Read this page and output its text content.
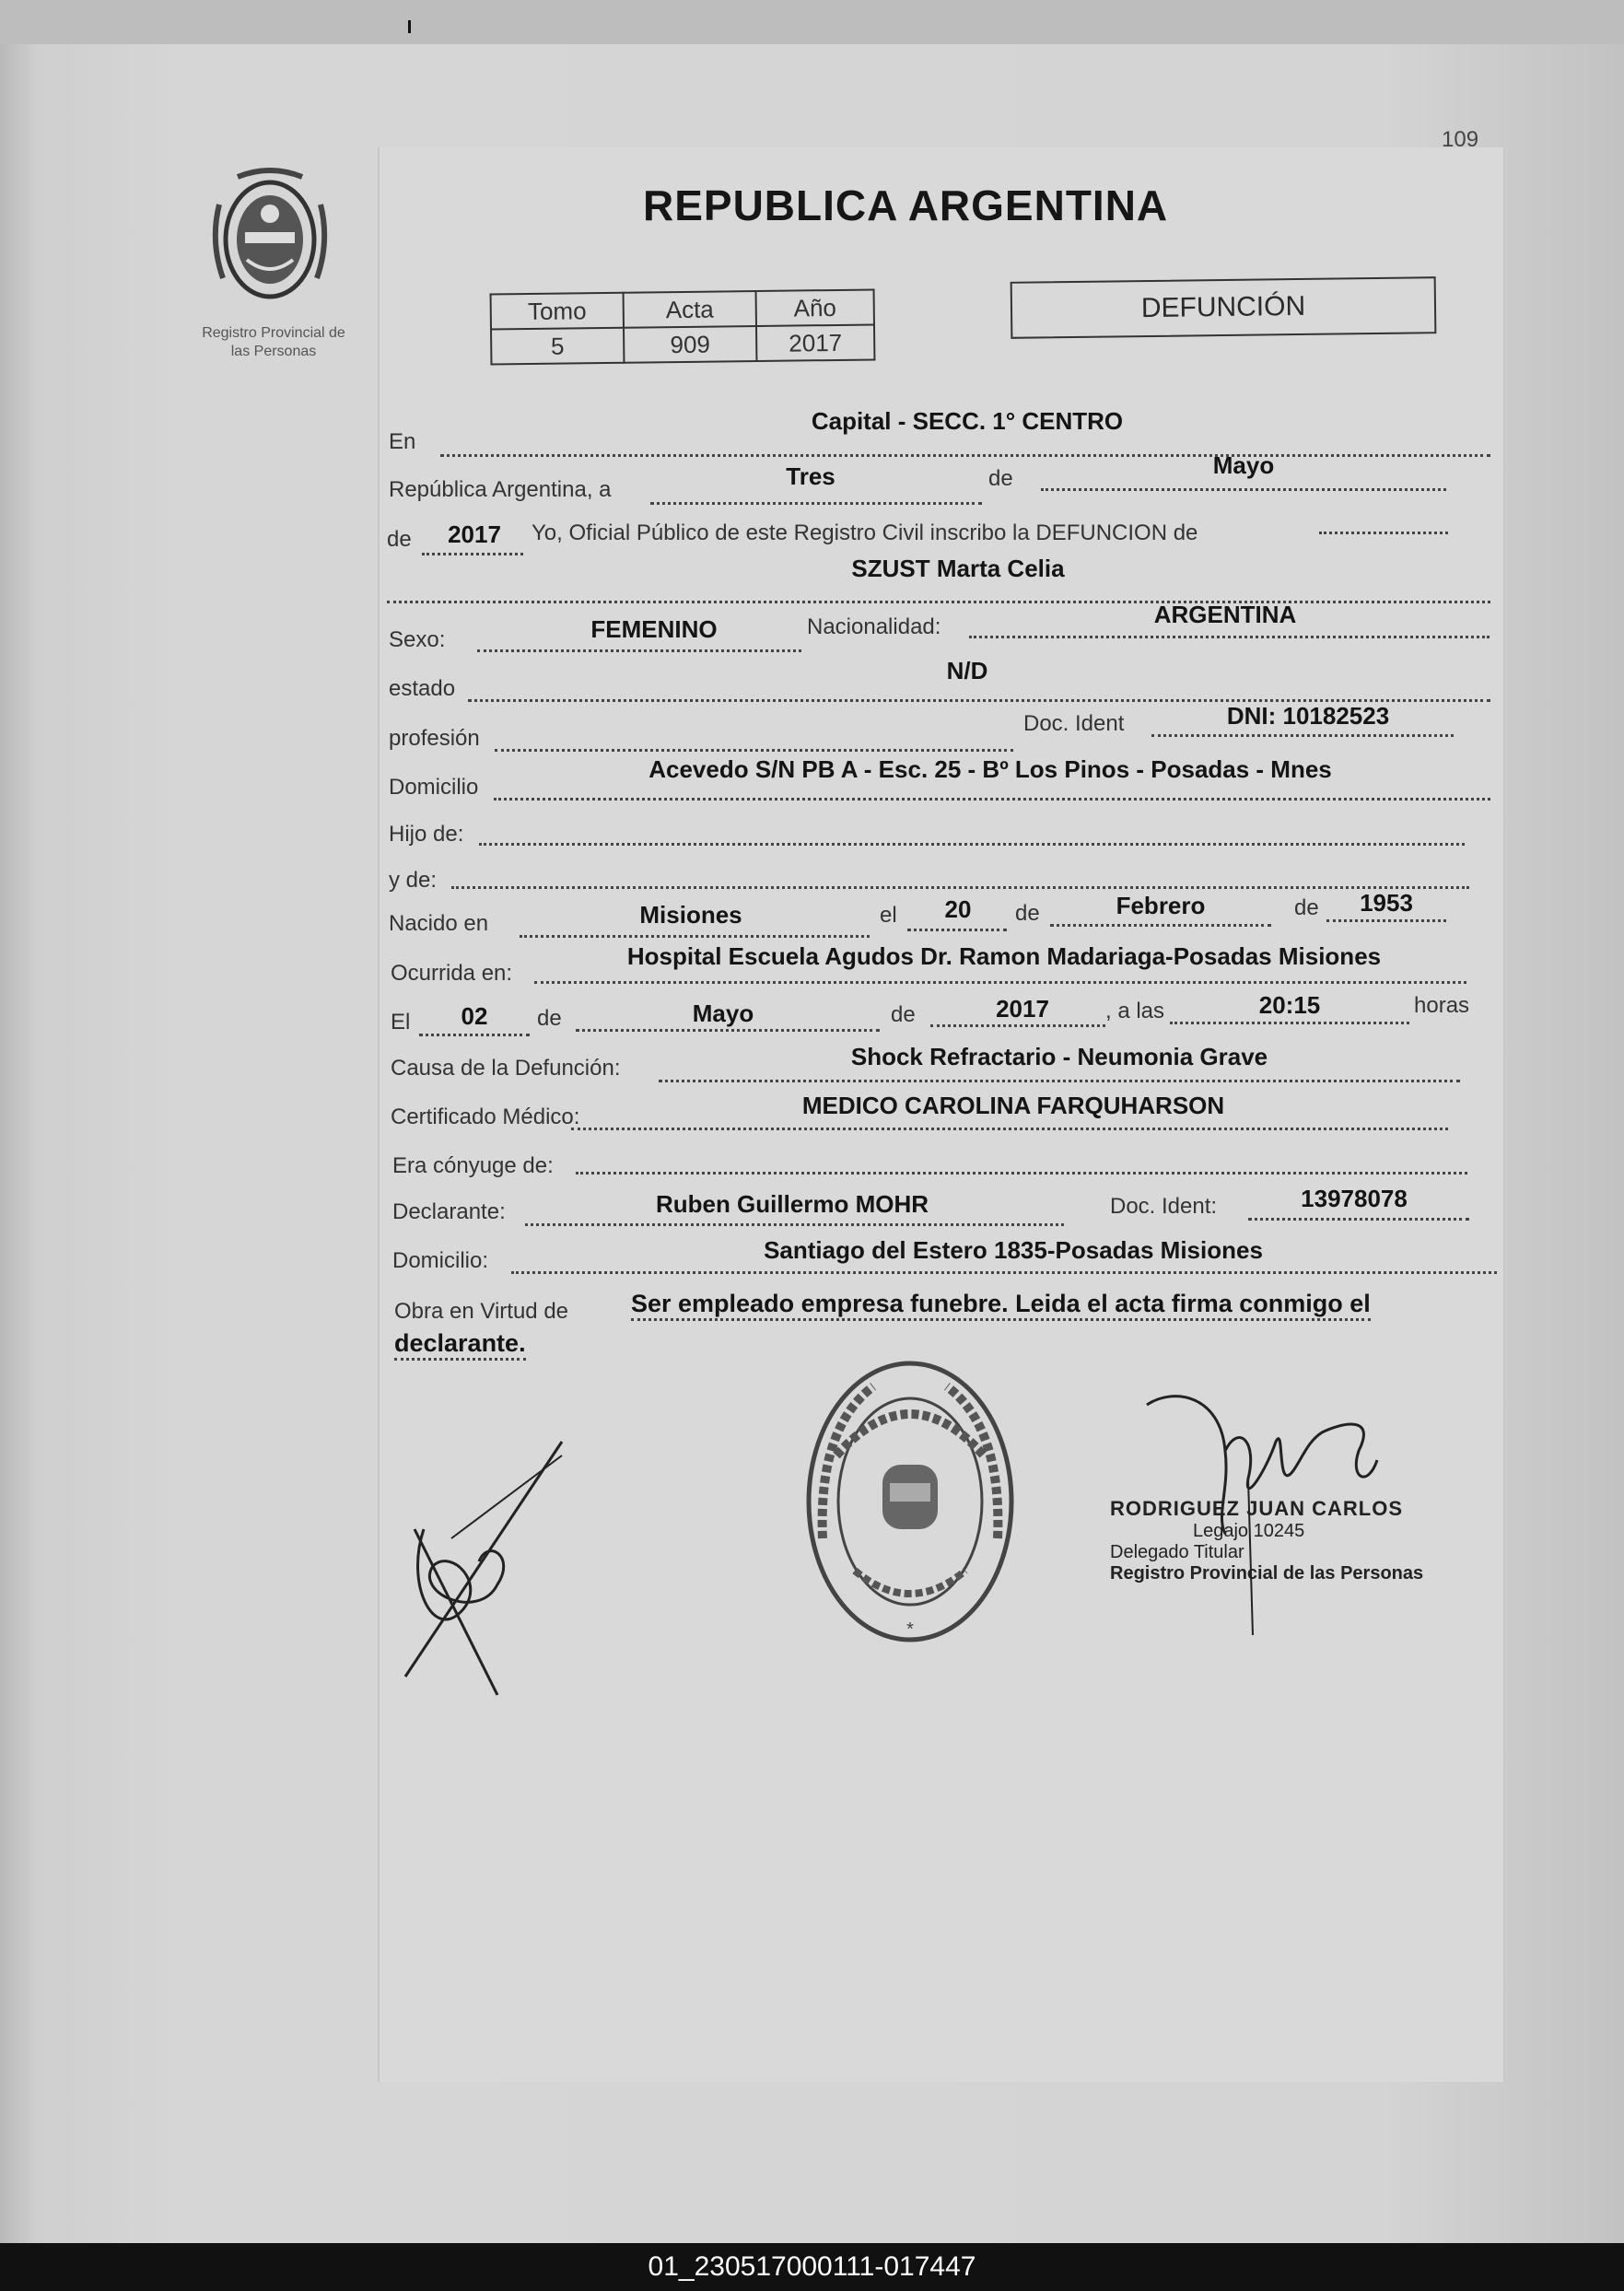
109
Registro Provincial de
las Personas
REPUBLICA ARGENTINA
Tomo	Acta	Año
5	909	2017
DEFUNCIÓN
En
Capital - SECC. 1° CENTRO
República Argentina, a	Tres	de	Mayo
de	2017	Yo, Oficial Público de este Registro Civil inscribo la DEFUNCION de
SZUST Marta Celia
Sexo:	FEMENINO	Nacionalidad:	ARGENTINA
estado
N/D
profesión
Doc. Ident	DNI: 10182523
Domicilio
Acevedo S/N PB A - Esc. 25 - Bº Los Pinos - Posadas - Mnes
Hijo de:
y de:
Nacido en	Misiones	el	20	de	Febrero	de	1953
Ocurrida en:
Hospital Escuela Agudos Dr. Ramon Madariaga-Posadas Misiones
El	02	de	Mayo	de	2017	, a las	20:15	horas
Causa de la Defunción:	Shock Refractario - Neumonia Grave
Certificado Médico:	MEDICO CAROLINA FARQUHARSON
Era cónyuge de:
Declarante:	Ruben Guillermo MOHR	Doc. Ident:	13978078
Domicilio:	Santiago del Estero 1835-Posadas Misiones
Obra en Virtud de	Ser empleado empresa funebre. Leida el acta firma conmigo el
declarante.
*
RODRIGUEZ JUAN CARLOS
Legajo 10245
Delegado Titular
Registro Provincial de las Personas
01_230517000111-017447
